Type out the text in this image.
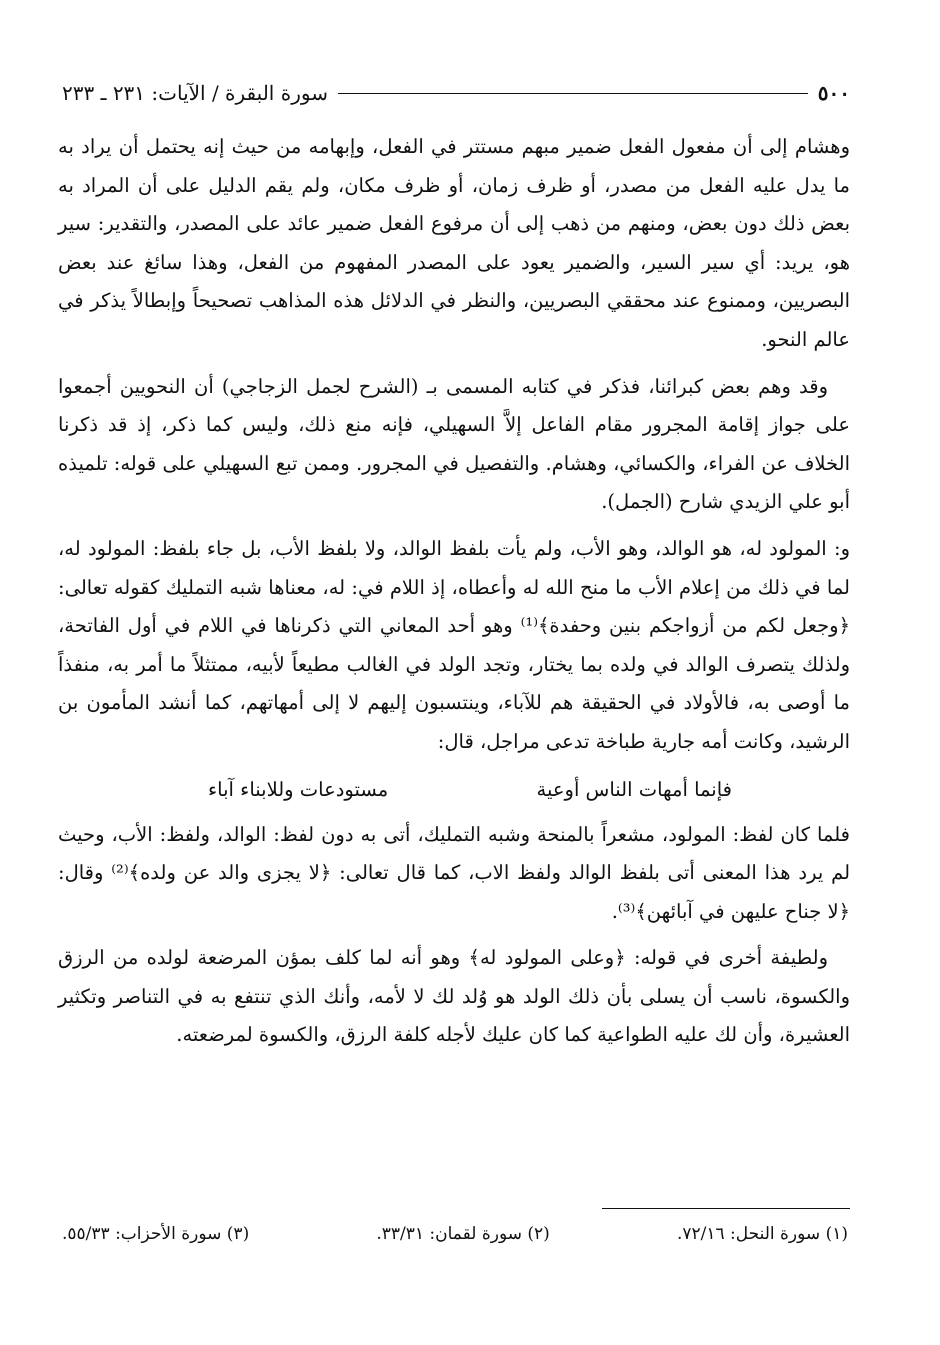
٥٠٠
سورة البقرة / الآيات: ٢٣١ ـ ٢٣٣

وهشام إلى أن مفعول الفعل ضمير مبهم مستتر في الفعل، وإبهامه من حيث إنه يحتمل أن يراد به ما يدل عليه الفعل من مصدر، أو ظرف زمان، أو ظرف مكان، ولم يقم الدليل على أن المراد به بعض ذلك دون بعض، ومنهم من ذهب إلى أن مرفوع الفعل ضمير عائد على المصدر، والتقدير: سير هو، يريد: أي سير السير، والضمير يعود على المصدر المفهوم من الفعل، وهذا سائغ عند بعض البصريين، وممنوع عند محققي البصريين، والنظر في الدلائل هذه المذاهب تصحيحاً وإبطالاً يذكر في عالم النحو.

وقد وهم بعض كبرائنا، فذكر في كتابه المسمى بـ (الشرح لجمل الزجاجي) أن النحويين أجمعوا على جواز إقامة المجرور مقام الفاعل إلاَّ السهيلي، فإنه منع ذلك، وليس كما ذكر، إذ قد ذكرنا الخلاف عن الفراء، والكسائي، وهشام. والتفصيل في المجرور. وممن تبع السهيلي على قوله: تلميذه أبو علي الزيدي شارح (الجمل).

و: المولود له، هو الوالد، وهو الأب، ولم يأت بلفظ الوالد، ولا بلفظ الأب، بل جاء بلفظ: المولود له، لما في ذلك من إعلام الأب ما منح الله له وأعطاه، إذ اللام في: له، معناها شبه التمليك كقوله تعالى: ﴿وجعل لكم من أزواجكم بنين وحفدة﴾⁽¹⁾ وهو أحد المعاني التي ذكرناها في اللام في أول الفاتحة، ولذلك يتصرف الوالد في ولده بما يختار، وتجد الولد في الغالب مطيعاً لأبيه، ممتثلاً ما أمر به، منفذاً ما أوصى به، فالأولاد في الحقيقة هم للآباء، وينتسبون إليهم لا إلى أمهاتهم، كما أنشد المأمون بن الرشيد، وكانت أمه جارية طباخة تدعى مراجل، قال:

فإنما أمهات الناس أوعية
مستودعات وللابناء آباء

فلما كان لفظ: المولود، مشعراً بالمنحة وشبه التمليك، أتى به دون لفظ: الوالد، ولفظ: الأب، وحيث لم يرد هذا المعنى أتى بلفظ الوالد ولفظ الاب، كما قال تعالى: ﴿لا يجزى والد عن ولده﴾⁽²⁾ وقال: ﴿لا جناح عليهن في آبائهن﴾⁽³⁾.

ولطيفة أخرى في قوله: ﴿وعلى المولود له﴾ وهو أنه لما كلف بمؤن المرضعة لولده من الرزق والكسوة، ناسب أن يسلى بأن ذلك الولد هو وُلد لك لا لأمه، وأنك الذي تنتفع به في التناصر وتكثير العشيرة، وأن لك عليه الطواعية كما كان عليك لأجله كلفة الرزق، والكسوة لمرضعته.

(١) سورة النحل: ٧٢/١٦.
(٢) سورة لقمان: ٣٣/٣١.
(٣) سورة الأحزاب: ٥٥/٣٣.
